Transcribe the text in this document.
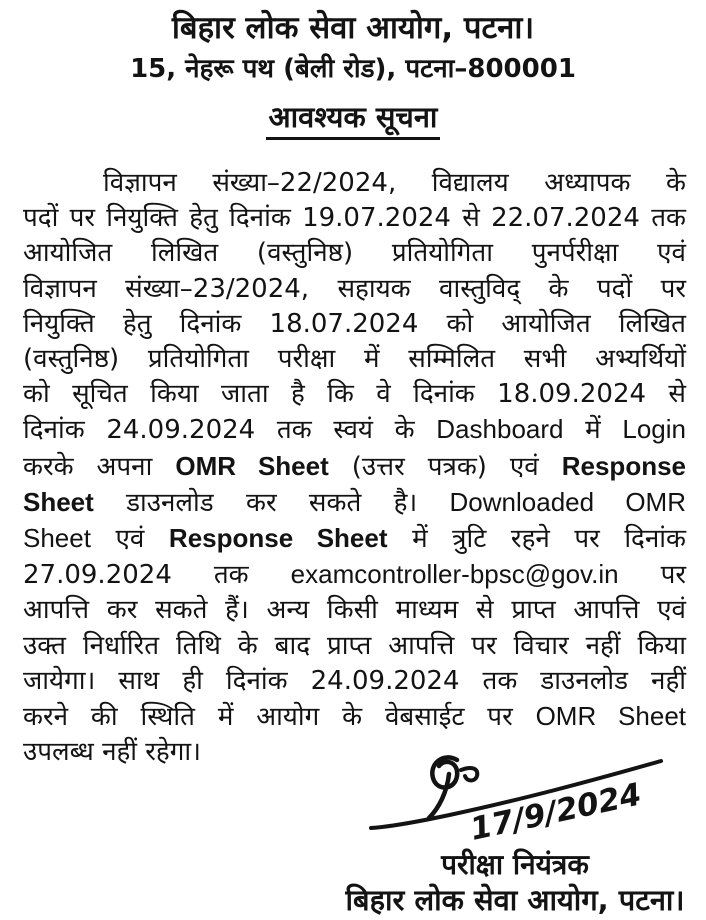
बिहार लोक सेवा आयोग, पटना।
15, नेहरू पथ (बेली रोड), पटना–800001
आवश्यक सूचना
विज्ञापन संख्या–22/2024, विद्यालय अध्यापक के
पदों पर नियुक्ति हेतु दिनांक 19.07.2024 से 22.07.2024 तक
आयोजित लिखित (वस्तुनिष्ठ) प्रतियोगिता पुनर्परीक्षा एवं
विज्ञापन संख्या–23/2024, सहायक वास्तुविद् के पदों पर
नियुक्ति हेतु दिनांक 18.07.2024 को आयोजित लिखित
(वस्तुनिष्ठ) प्रतियोगिता परीक्षा में सम्मिलित सभी अभ्यर्थियों
को सूचित किया जाता है कि वे दिनांक 18.09.2024 से
दिनांक 24.09.2024 तक स्वयं के Dashboard में Login
करके अपना OMR Sheet (उत्तर पत्रक) एवं Response
Sheet डाउनलोड कर सकते है। Downloaded OMR
Sheet एवं Response Sheet में त्रुटि रहने पर दिनांक
27.09.2024 तक examcontroller-bpsc@gov.in पर
आपत्ति कर सकते हैं। अन्य किसी माध्यम से प्राप्त आपत्ति एवं
उक्त निर्धारित तिथि के बाद प्राप्त आपत्ति पर विचार नहीं किया
जायेगा। साथ ही दिनांक 24.09.2024 तक डाउनलोड नहीं
करने की स्थिति में आयोग के वेबसाईट पर OMR Sheet
उपलब्ध नहीं रहेगा।
17/9/2024
परीक्षा नियंत्रक
बिहार लोक सेवा आयोग, पटना।
